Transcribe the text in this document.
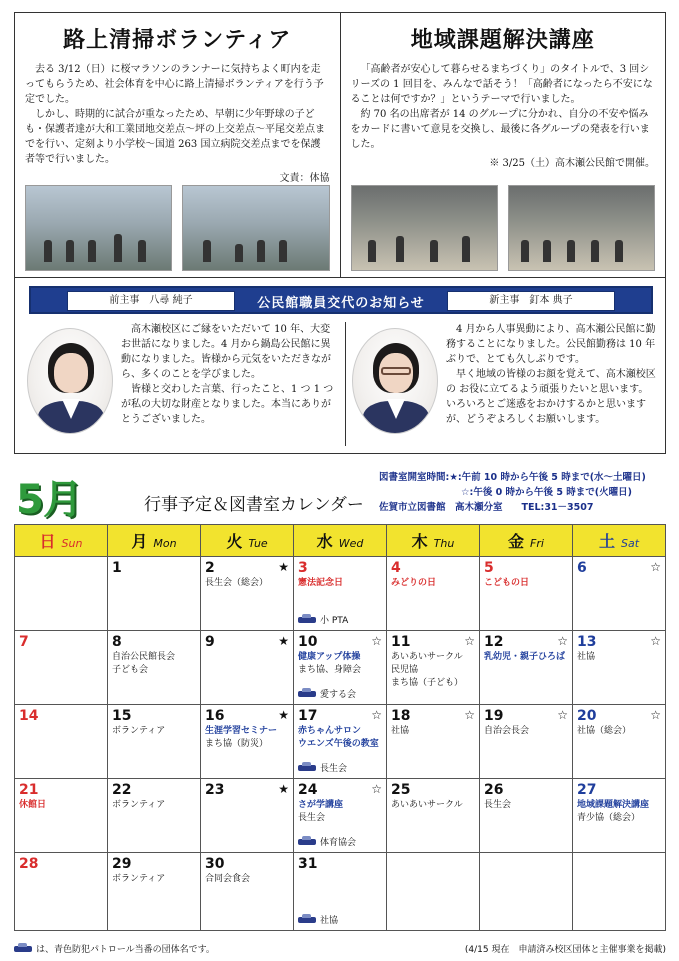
路上清掃ボランティア

去る 3/12（日）に桜マラソンのランナーに気持ちよく町内を走ってもらうため、社会体育を中心に路上清掃ボランティアを行う予定でした。

しかし、時期的に試合が重なったため、早朝に少年野球の子ども・保護者達が大和工業団地交差点～坪の上交差点～平尾交差点までを行い、定刻より小学校～国道 263 国立病院交差点までを保護者等で行いました。

文責：体協
地域課題解決講座

「高齢者が安心して暮らせるまちづくり」のタイトルで、3 回シリーズの 1 回目を、みんなで話そう！「高齢者になったら不安になることは何ですか？」というテーマで行いました。

約 70 名の出席者が 14 のグループに分かれ、自分の不安や悩みをカードに書いて意見を交換し、最後に各グループの発表を行いました。

※ 3/25（土）高木瀬公民館で開催。
前主事　八尋 純子	公民館職員交代のお知らせ	新主事　釘本 典子

高木瀬校区にご縁をいただいて 10 年、大変お世話になりました。4 月から鍋島公民館に異動になりました。皆様から元気をいただきながら、多くのことを学びました。

皆様と交わした言葉、行ったこと、1 つ 1 つが私の大切な財産となりました。本当にありがとうございました。

4 月から人事異動により、高木瀬公民館に勤務することになりました。公民館勤務は 10 年ぶりで、とても久しぶりです。

早く地域の皆様のお顔を覚えて、高木瀬校区の お役に立てるよう頑張りたいと思います。いろいろとご迷惑をおかけするかと思いますが、どうぞよろしくお願いします。

5月	行事予定＆図書室カレンダー
図書室開室時間:★:午前 10 時から午後 5 時まで(水～土曜日)
☆:午後 0 時から午後 5 時まで(火曜日)
佐賀市立図書館　高木瀬分室　　TEL:31－3507
日 Sun	月 Mon	火 Tue	水 Wed	木 Thu	金 Fri	土 Sat

	1	2 ★
長生会（総会）	3
憲法記念日
小 PTA	4
みどりの日	5
こどもの日	6 ☆

7	8
自治公民館長会
子ども会	9 ★	10 ☆
健康アップ体操
まち協、身障会
愛する会	11 ☆
あいあいサークル
民児協
まち協（子ども）	12 ☆
乳幼児・親子ひろば	13 ☆
社協

14	15
ボランティア	16 ★
生涯学習セミナー
まち協（防災）	17 ☆
赤ちゃんサロン
ウエンズ午後の教室
長生会	18 ☆
社協	19 ☆
自治会長会	20 ☆
社協（総会）

21
休館日	22
ボランティア	23 ★	24 ☆
さが学講座
長生会
体育協会	25
あいあいサークル	26
長生会	27
地域課題解決講座
青少協（総会）

28	29
ボランティア	30
合同会食会	31
社協			

は、青色防犯パトロール当番の団体名です。	(4/15 現在　申請済み校区団体と主催事業を掲載)
